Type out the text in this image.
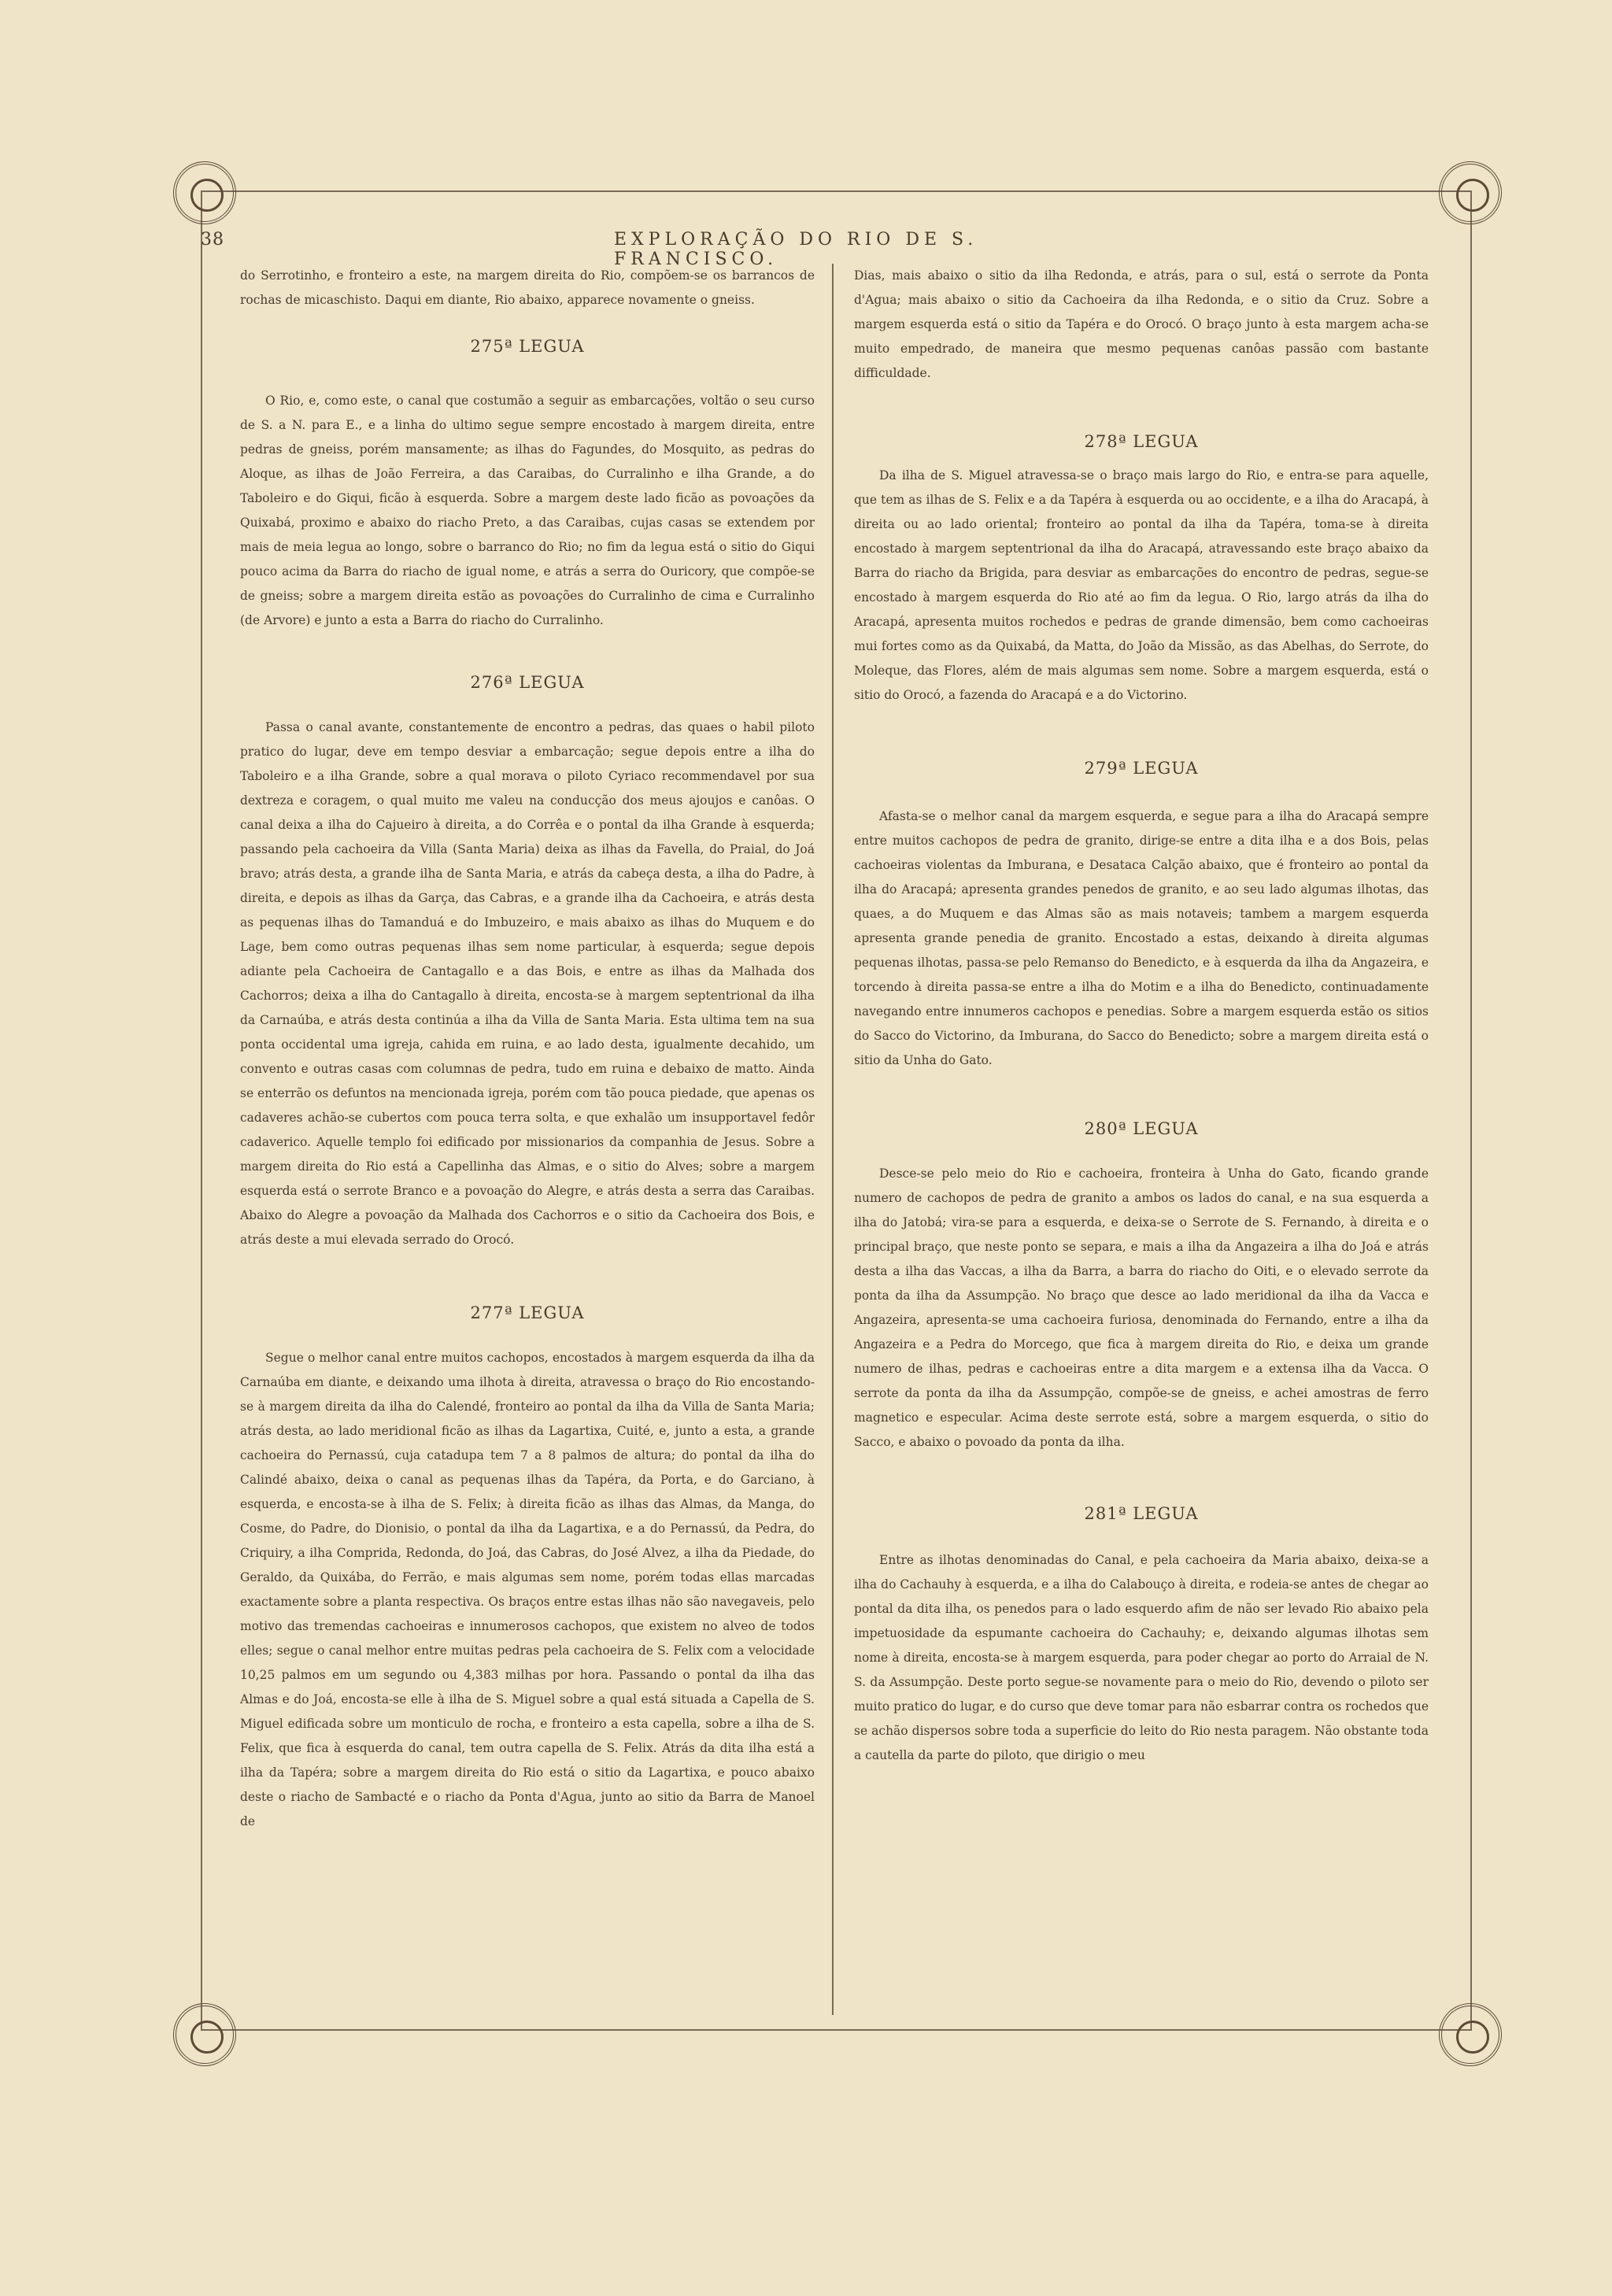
38	EXPLORAÇÃO DO RIO DE S. FRANCISCO.

do Serrotinho, e fronteiro a este, na margem direita do Rio, compõem-se os barrancos de rochas de micaschisto. Daqui em diante, Rio abaixo, apparece novamente o gneiss.

275ª LEGUA

O Rio, e, como este, o canal que costumão a seguir as embarcações, voltão o seu curso de S. a N. para E., e a linha do ultimo segue sempre encostado à margem direita, entre pedras de gneiss, porém mansamente; as ilhas do Fagundes, do Mosquito, as pedras do Aloque, as ilhas de João Ferreira, a das Caraibas, do Curralinho e ilha Grande, a do Taboleiro e do Giqui, ficão à esquerda. Sobre a margem deste lado ficão as povoações da Quixabá, proximo e abaixo do riacho Preto, a das Caraibas, cujas casas se extendem por mais de meia legua ao longo, sobre o barranco do Rio; no fim da legua está o sitio do Giqui pouco acima da Barra do riacho de igual nome, e atrás a serra do Ouricory, que compõe-se de gneiss; sobre a margem direita estão as povoações do Curralinho de cima e Curralinho (de Arvore) e junto a esta a Barra do riacho do Curralinho.

276ª LEGUA

Passa o canal avante, constantemente de encontro a pedras, das quaes o habil piloto pratico do lugar, deve em tempo desviar a embarcação; segue depois entre a ilha do Taboleiro e a ilha Grande, sobre a qual morava o piloto Cyriaco recommendavel por sua dextreza e coragem, o qual muito me valeu na conducção dos meus ajoujos e canôas. O canal deixa a ilha do Cajueiro à direita, a do Corrêa e o pontal da ilha Grande à esquerda; passando pela cachoeira da Villa (Santa Maria) deixa as ilhas da Favella, do Praial, do Joá bravo; atrás desta, a grande ilha de Santa Maria, e atrás da cabeça desta, a ilha do Padre, à direita, e depois as ilhas da Garça, das Cabras, e a grande ilha da Cachoeira, e atrás desta as pequenas ilhas do Tamanduá e do Imbuzeiro, e mais abaixo as ilhas do Muquem e do Lage, bem como outras pequenas ilhas sem nome particular, à esquerda; segue depois adiante pela Cachoeira de Cantagallo e a das Bois, e entre as ilhas da Malhada dos Cachorros; deixa a ilha do Cantagallo à direita, encosta-se à margem septentrional da ilha da Carnaúba, e atrás desta continúa a ilha da Villa de Santa Maria. Esta ultima tem na sua ponta occidental uma igreja, cahida em ruina, e ao lado desta, igualmente decahido, um convento e outras casas com columnas de pedra, tudo em ruina e debaixo de matto. Ainda se enterrão os defuntos na mencionada igreja, porém com tão pouca piedade, que apenas os cadaveres achão-se cubertos com pouca terra solta, e que exhalão um insupportavel fedôr cadaverico. Aquelle templo foi edificado por missionarios da companhia de Jesus. Sobre a margem direita do Rio está a Capellinha das Almas, e o sitio do Alves; sobre a margem esquerda está o serrote Branco e a povoação do Alegre, e atrás desta a serra das Caraibas. Abaixo do Alegre a povoação da Malhada dos Cachorros e o sitio da Cachoeira dos Bois, e atrás deste a mui elevada serrado do Orocó.

277ª LEGUA

Segue o melhor canal entre muitos cachopos, encostados à margem esquerda da ilha da Carnaúba em diante, e deixando uma ilhota à direita, atravessa o braço do Rio encostando-se à margem direita da ilha do Calendé, fronteiro ao pontal da ilha da Villa de Santa Maria; atrás desta, ao lado meridional ficão as ilhas da Lagartixa, Cuité, e, junto a esta, a grande cachoeira do Pernassú, cuja catadupa tem 7 a 8 palmos de altura; do pontal da ilha do Calindé abaixo, deixa o canal as pequenas ilhas da Tapéra, da Porta, e do Garciano, à esquerda, e encosta-se à ilha de S. Felix; à direita ficão as ilhas das Almas, da Manga, do Cosme, do Padre, do Dionisio, o pontal da ilha da Lagartixa, e a do Pernassú, da Pedra, do Criquiry, a ilha Comprida, Redonda, do Joá, das Cabras, do José Alvez, a ilha da Piedade, do Geraldo, da Quixába, do Ferrão, e mais algumas sem nome, porém todas ellas marcadas exactamente sobre a planta respectiva. Os braços entre estas ilhas não são navegaveis, pelo motivo das tremendas cachoeiras e innumerosos cachopos, que existem no alveo de todos elles; segue o canal melhor entre muitas pedras pela cachoeira de S. Felix com a velocidade 10,25 palmos em um segundo ou 4,383 milhas por hora. Passando o pontal da ilha das Almas e do Joá, encosta-se elle à ilha de S. Miguel sobre a qual está situada a Capella de S. Miguel edificada sobre um monticulo de rocha, e fronteiro a esta capella, sobre a ilha de S. Felix, que fica à esquerda do canal, tem outra capella de S. Felix. Atrás da dita ilha está a ilha da Tapéra; sobre a margem direita do Rio está o sitio da Lagartixa, e pouco abaixo deste o riacho de Sambacté e o riacho da Ponta d'Agua, junto ao sitio da Barra de Manoel de

Dias, mais abaixo o sitio da ilha Redonda, e atrás, para o sul, está o serrote da Ponta d'Agua; mais abaixo o sitio da Cachoeira da ilha Redonda, e o sitio da Cruz. Sobre a margem esquerda está o sitio da Tapéra e do Orocó. O braço junto à esta margem acha-se muito empedrado, de maneira que mesmo pequenas canôas passão com bastante difficuldade.

278ª LEGUA

Da ilha de S. Miguel atravessa-se o braço mais largo do Rio, e entra-se para aquelle, que tem as ilhas de S. Felix e a da Tapéra à esquerda ou ao occidente, e a ilha do Aracapá, à direita ou ao lado oriental; fronteiro ao pontal da ilha da Tapéra, toma-se à direita encostado à margem septentrional da ilha do Aracapá, atravessando este braço abaixo da Barra do riacho da Brigida, para desviar as embarcações do encontro de pedras, segue-se encostado à margem esquerda do Rio até ao fim da legua. O Rio, largo atrás da ilha do Aracapá, apresenta muitos rochedos e pedras de grande dimensão, bem como cachoeiras mui fortes como as da Quixabá, da Matta, do João da Missão, as das Abelhas, do Serrote, do Moleque, das Flores, além de mais algumas sem nome. Sobre a margem esquerda, está o sitio do Orocó, a fazenda do Aracapá e a do Victorino.

279ª LEGUA

Afasta-se o melhor canal da margem esquerda, e segue para a ilha do Aracapá sempre entre muitos cachopos de pedra de granito, dirige-se entre a dita ilha e a dos Bois, pelas cachoeiras violentas da Imburana, e Desataca Calção abaixo, que é fronteiro ao pontal da ilha do Aracapá; apresenta grandes penedos de granito, e ao seu lado algumas ilhotas, das quaes, a do Muquem e das Almas são as mais notaveis; tambem a margem esquerda apresenta grande penedia de granito. Encostado a estas, deixando à direita algumas pequenas ilhotas, passa-se pelo Remanso do Benedicto, e à esquerda da ilha da Angazeira, e torcendo à direita passa-se entre a ilha do Motim e a ilha do Benedicto, continuadamente navegando entre innumeros cachopos e penedias. Sobre a margem esquerda estão os sitios do Sacco do Victorino, da Imburana, do Sacco do Benedicto; sobre a margem direita está o sitio da Unha do Gato.

280ª LEGUA

Desce-se pelo meio do Rio e cachoeira, fronteira à Unha do Gato, ficando grande numero de cachopos de pedra de granito a ambos os lados do canal, e na sua esquerda a ilha do Jatobá; vira-se para a esquerda, e deixa-se o Serrote de S. Fernando, à direita e o principal braço, que neste ponto se separa, e mais a ilha da Angazeira a ilha do Joá e atrás desta a ilha das Vaccas, a ilha da Barra, a barra do riacho do Oiti, e o elevado serrote da ponta da ilha da Assumpção. No braço que desce ao lado meridional da ilha da Vacca e Angazeira, apresenta-se uma cachoeira furiosa, denominada do Fernando, entre a ilha da Angazeira e a Pedra do Morcego, que fica à margem direita do Rio, e deixa um grande numero de ilhas, pedras e cachoeiras entre a dita margem e a extensa ilha da Vacca. O serrote da ponta da ilha da Assumpção, compõe-se de gneiss, e achei amostras de ferro magnetico e especular. Acima deste serrote está, sobre a margem esquerda, o sitio do Sacco, e abaixo o povoado da ponta da ilha.

281ª LEGUA

Entre as ilhotas denominadas do Canal, e pela cachoeira da Maria abaixo, deixa-se a ilha do Cachauhy à esquerda, e a ilha do Calabouço à direita, e rodeia-se antes de chegar ao pontal da dita ilha, os penedos para o lado esquerdo afim de não ser levado Rio abaixo pela impetuosidade da espumante cachoeira do Cachauhy; e, deixando algumas ilhotas sem nome à direita, encosta-se à margem esquerda, para poder chegar ao porto do Arraial de N. S. da Assumpção. Deste porto segue-se novamente para o meio do Rio, devendo o piloto ser muito pratico do lugar, e do curso que deve tomar para não esbarrar contra os rochedos que se achão dispersos sobre toda a superficie do leito do Rio nesta paragem. Não obstante toda a cautella da parte do piloto, que dirigio o meu
